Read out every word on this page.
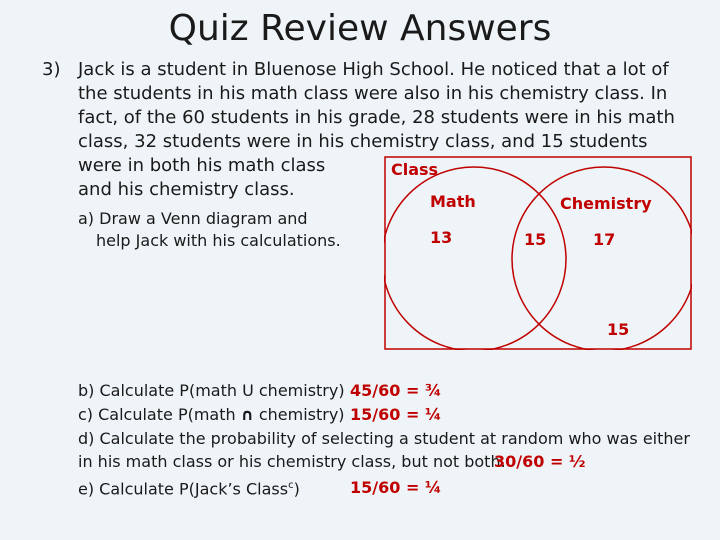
Quiz Review Answers
3) Jack is a student in Bluenose High School. He noticed that a lot of
the students in his math class were also in his chemistry class. In
fact, of the 60 students in his grade, 28 students were in his math
class, 32 students were in his chemistry class, and 15 students
were in both his math class
and his chemistry class.
a) Draw a Venn diagram and
help Jack with his calculations.
Class
Math	Chemistry
13	15	17
15
b) Calculate P(math U chemistry) 45/60 = ¾
c) Calculate P(math ∩ chemistry) 15/60 = ¼
d) Calculate the probability of selecting a student at random who was either
in his math class or his chemistry class, but not both.
30/60 = ½
e) Calculate P(Jack’s Class$^c$)	15/60 = ¼
